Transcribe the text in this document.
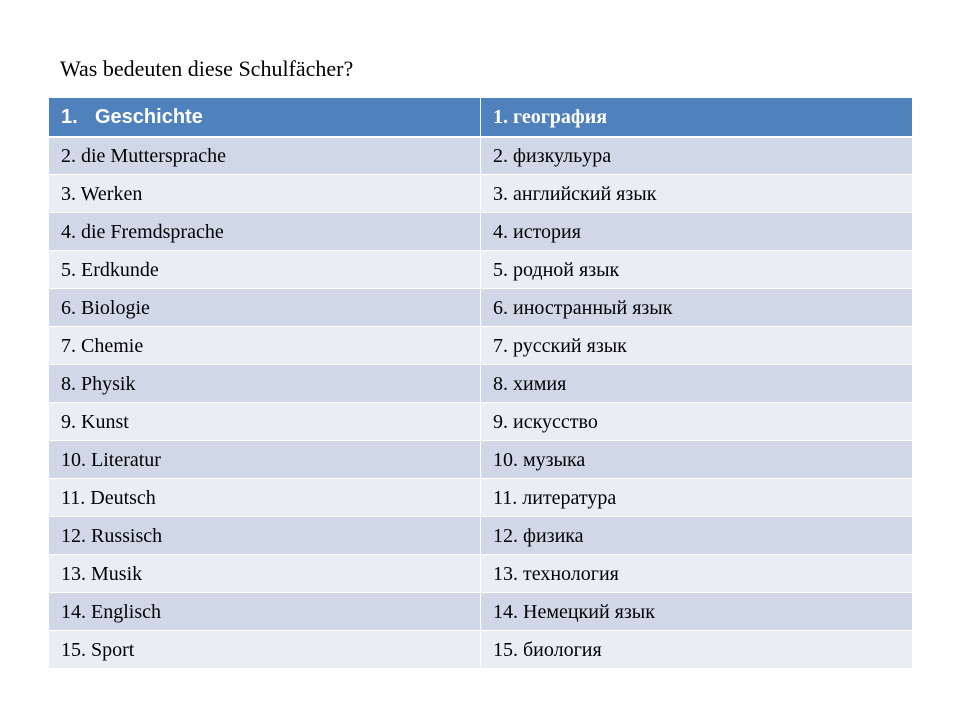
Was bedeuten diese Schulfächer?
1. Geschichte	1. география
2. die Muttersprache	2. физкульура
3. Werken	3. английский язык
4. die Fremdsprache	4. история
5. Erdkunde	5. родной язык
6. Biologie	6. иностранный язык
7. Chemie	7. русский язык
8. Physik	8. химия
9. Kunst	9. искусство
10. Literatur	10. музыка
11. Deutsch	11. литература
12. Russisch	12. физика
13. Musik	13. технология
14. Englisch	14. Немецкий язык
15. Sport	15. биология
